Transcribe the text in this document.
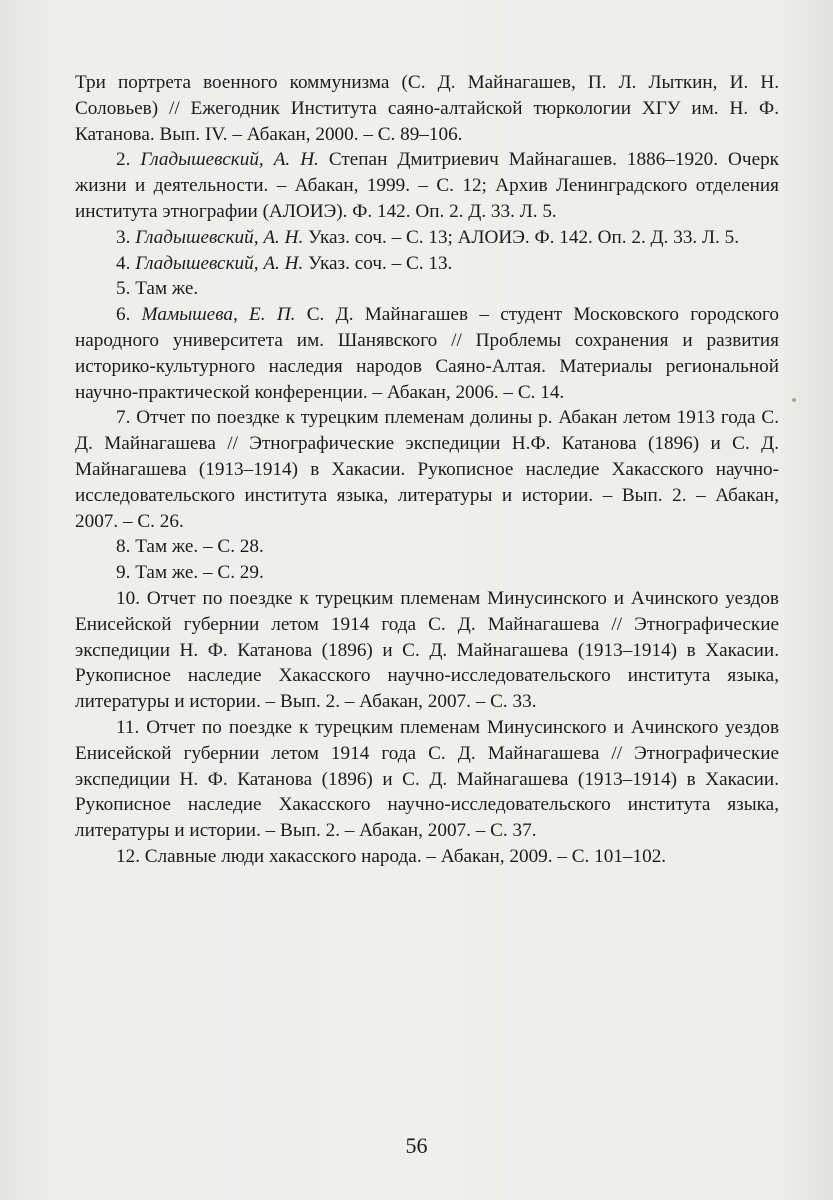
Три портрета военного коммунизма (С. Д. Майнагашев, П. Л. Лыткин, И. Н. Соловьев) // Ежегодник Института саяно-алтайской тюркологии ХГУ им. Н. Ф. Катанова. Вып. IV. – Абакан, 2000. – С. 89–106.

2. Гладышевский, А. Н. Степан Дмитриевич Майнагашев. 1886–1920. Очерк жизни и деятельности. – Абакан, 1999. – С. 12; Архив Ленинградского отделения института этнографии (АЛОИЭ). Ф. 142. Оп. 2. Д. 33. Л. 5.

3. Гладышевский, А. Н. Указ. соч. – С. 13; АЛОИЭ. Ф. 142. Оп. 2. Д. 33. Л. 5.

4. Гладышевский, А. Н. Указ. соч. – С. 13.

5. Там же.

6. Мамышева, Е. П. С. Д. Майнагашев – студент Московского городского народного университета им. Шанявского // Проблемы сохранения и развития историко-культурного наследия народов Саяно-Алтая. Материалы региональной научно-практической конференции. – Абакан, 2006. – С. 14.

7. Отчет по поездке к турецким племенам долины р. Абакан летом 1913 года С. Д. Майнагашева // Этнографические экспедиции Н.Ф. Катанова (1896) и С. Д. Майнагашева (1913–1914) в Хакасии. Рукописное наследие Хакасского научно-исследовательского института языка, литературы и истории. – Вып. 2. – Абакан, 2007. – С. 26.

8. Там же. – С. 28.

9. Там же. – С. 29.

10. Отчет по поездке к турецким племенам Минусинского и Ачинского уездов Енисейской губернии летом 1914 года С. Д. Майнагашева // Этнографические экспедиции Н. Ф. Катанова (1896) и С. Д. Майнагашева (1913–1914) в Хакасии. Рукописное наследие Хакасского научно-исследовательского института языка, литературы и истории. – Вып. 2. – Абакан, 2007. – С. 33.

11. Отчет по поездке к турецким племенам Минусинского и Ачинского уездов Енисейской губернии летом 1914 года С. Д. Майнагашева // Этнографические экспедиции Н. Ф. Катанова (1896) и С. Д. Майнагашева (1913–1914) в Хакасии. Рукописное наследие Хакасского научно-исследовательского института языка, литературы и истории. – Вып. 2. – Абакан, 2007. – С. 37.

12. Славные люди хакасского народа. – Абакан, 2009. – С. 101–102.

56
